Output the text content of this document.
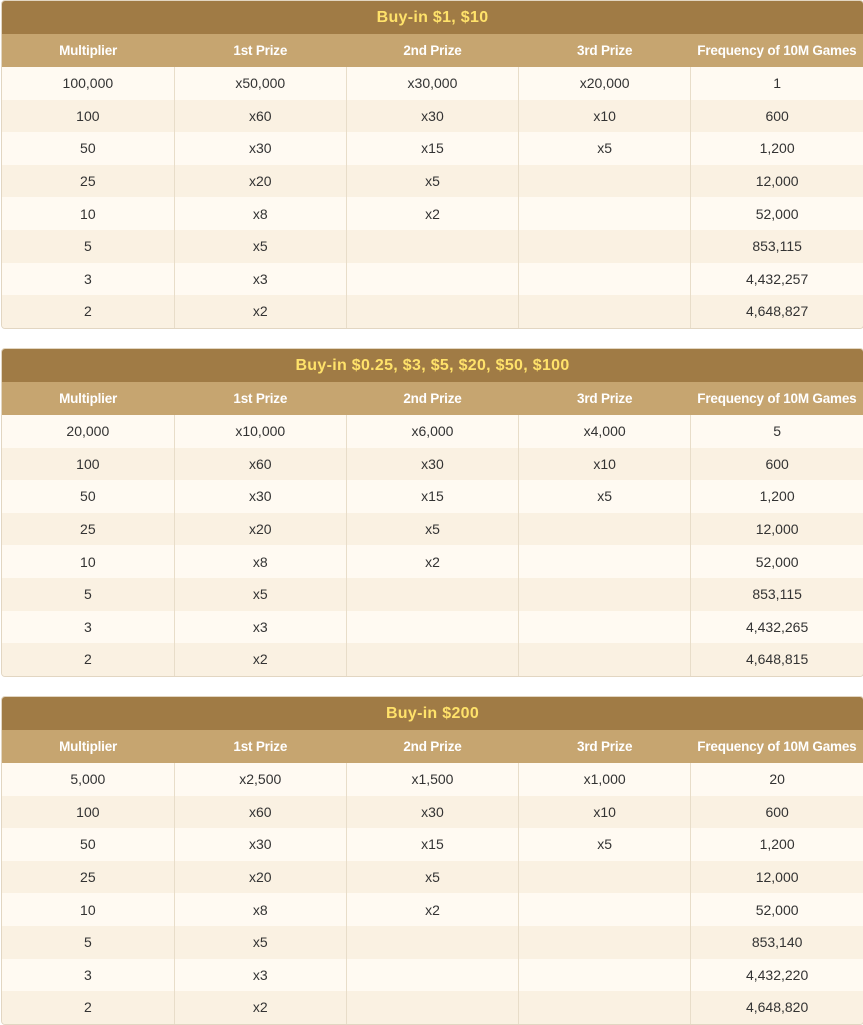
Buy-in $1, $10
Multiplier	1st Prize	2nd Prize	3rd Prize	Frequency of 10M Games
100,000	x50,000	x30,000	x20,000	1
100	x60	x30	x10	600
50	x30	x15	x5	1,200
25	x20	x5		12,000
10	x8	x2		52,000
5	x5			853,115
3	x3			4,432,257
2	x2			4,648,827
Buy-in $0.25, $3, $5, $20, $50, $100
Multiplier	1st Prize	2nd Prize	3rd Prize	Frequency of 10M Games
20,000	x10,000	x6,000	x4,000	5
100	x60	x30	x10	600
50	x30	x15	x5	1,200
25	x20	x5		12,000
10	x8	x2		52,000
5	x5			853,115
3	x3			4,432,265
2	x2			4,648,815
Buy-in $200
Multiplier	1st Prize	2nd Prize	3rd Prize	Frequency of 10M Games
5,000	x2,500	x1,500	x1,000	20
100	x60	x30	x10	600
50	x30	x15	x5	1,200
25	x20	x5		12,000
10	x8	x2		52,000
5	x5			853,140
3	x3			4,432,220
2	x2			4,648,820
